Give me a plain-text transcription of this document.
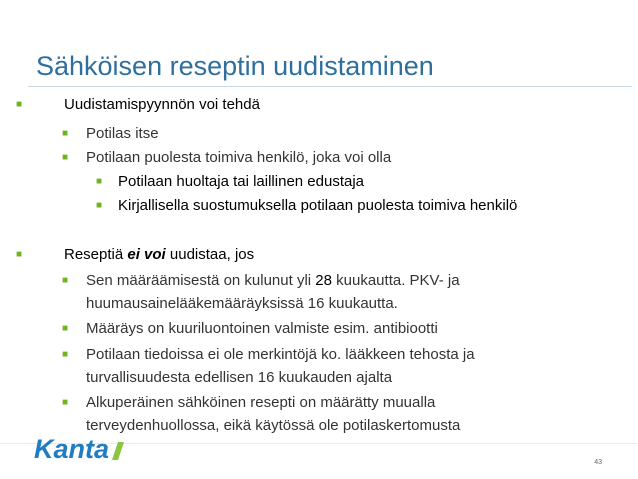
Sähköisen reseptin uudistaminen
■	Uudistamispyynnön voi tehdä
■ Potilas itse
■ Potilaan puolesta toimiva henkilö, joka voi olla
■ Potilaan huoltaja tai laillinen edustaja
■ Kirjallisella suostumuksella potilaan puolesta toimiva henkilö
■	Reseptiä ei voi uudistaa, jos
■ Sen määräämisestä on kulunut yli 28 kuukautta. PKV- ja
huumausainelääkemääräyksissä 16 kuukautta.
■ Määräys on kuuriluontoinen valmiste esim. antibiootti
■ Potilaan tiedoissa ei ole merkintöjä ko. lääkkeen tehosta ja
turvallisuudesta edellisen 16 kuukauden ajalta
■ Alkuperäinen sähköinen resepti on määrätty muualla
terveydenhuollossa, eikä käytössä ole potilaskertomusta
Kanta	43
